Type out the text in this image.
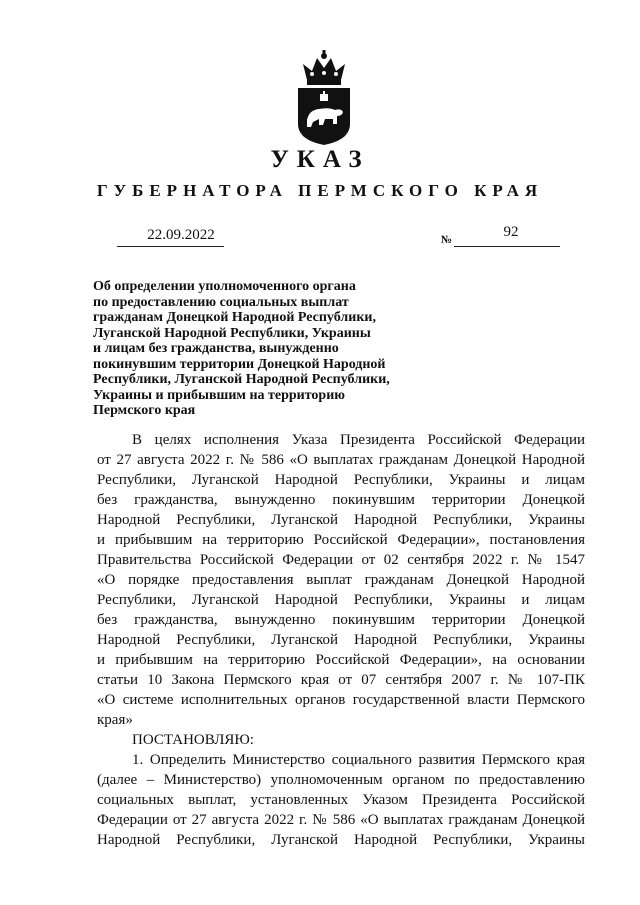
УКАЗ
ГУБЕРНАТОРА ПЕРМСКОГО КРАЯ
22.09.2022	№	92
Об определении уполномоченного органа
по предоставлению социальных выплат
гражданам Донецкой Народной Республики,
Луганской Народной Республики, Украины
и лицам без гражданства, вынужденно
покинувшим территории Донецкой Народной
Республики, Луганской Народной Республики,
Украины и прибывшим на территорию
Пермского края
В целях исполнения Указа Президента Российской Федерации
от 27 августа 2022 г. № 586 «О выплатах гражданам Донецкой Народной
Республики, Луганской Народной Республики, Украины и лицам
без гражданства, вынужденно покинувшим территории Донецкой
Народной Республики, Луганской Народной Республики, Украины
и прибывшим на территорию Российской Федерации», постановления
Правительства Российской Федерации от 02 сентября 2022 г. № 1547
«О порядке предоставления выплат гражданам Донецкой Народной
Республики, Луганской Народной Республики, Украины и лицам
без гражданства, вынужденно покинувшим территории Донецкой
Народной Республики, Луганской Народной Республики, Украины
и прибывшим на территорию Российской Федерации», на основании
статьи 10 Закона Пермского края от 07 сентября 2007 г. № 107-ПК
«О системе исполнительных органов государственной власти Пермского
края»
ПОСТАНОВЛЯЮ:
1. Определить Министерство социального развития Пермского края
(далее – Министерство) уполномоченным органом по предоставлению
социальных выплат, установленных Указом Президента Российской
Федерации от 27 августа 2022 г. № 586 «О выплатах гражданам Донецкой
Народной Республики, Луганской Народной Республики, Украины
